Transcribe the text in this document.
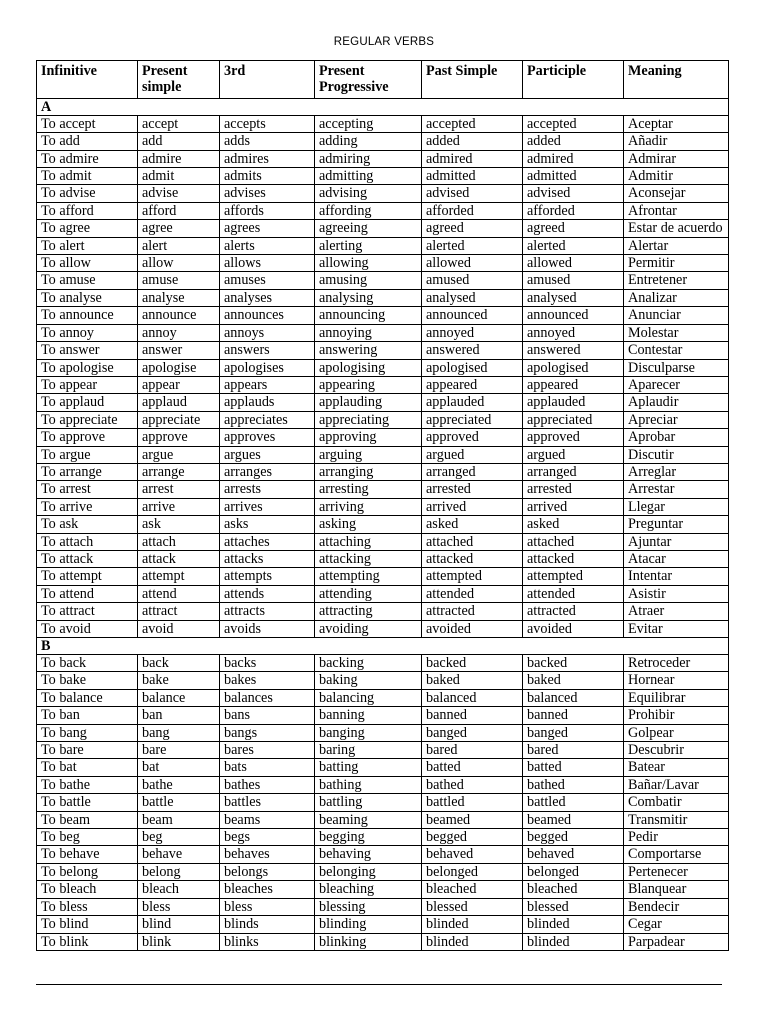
REGULAR VERBS
Infinitive	Present simple	3rd	Present Progressive	Past Simple	Participle	Meaning
A						
To accept	accept	accepts	accepting	accepted	accepted	Aceptar
To add	add	adds	adding	added	added	Añadir
To admire	admire	admires	admiring	admired	admired	Admirar
To admit	admit	admits	admitting	admitted	admitted	Admitir
To advise	advise	advises	advising	advised	advised	Aconsejar
To afford	afford	affords	affording	afforded	afforded	Afrontar
To agree	agree	agrees	agreeing	agreed	agreed	Estar de acuerdo
To alert	alert	alerts	alerting	alerted	alerted	Alertar
To allow	allow	allows	allowing	allowed	allowed	Permitir
To amuse	amuse	amuses	amusing	amused	amused	Entretener
To analyse	analyse	analyses	analysing	analysed	analysed	Analizar
To announce	announce	announces	announcing	announced	announced	Anunciar
To annoy	annoy	annoys	annoying	annoyed	annoyed	Molestar
To answer	answer	answers	answering	answered	answered	Contestar
To apologise	apologise	apologises	apologising	apologised	apologised	Disculparse
To appear	appear	appears	appearing	appeared	appeared	Aparecer
To applaud	applaud	applauds	applauding	applauded	applauded	Aplaudir
To appreciate	appreciate	appreciates	appreciating	appreciated	appreciated	Apreciar
To approve	approve	approves	approving	approved	approved	Aprobar
To argue	argue	argues	arguing	argued	argued	Discutir
To arrange	arrange	arranges	arranging	arranged	arranged	Arreglar
To arrest	arrest	arrests	arresting	arrested	arrested	Arrestar
To arrive	arrive	arrives	arriving	arrived	arrived	Llegar
To ask	ask	asks	asking	asked	asked	Preguntar
To attach	attach	attaches	attaching	attached	attached	Ajuntar
To attack	attack	attacks	attacking	attacked	attacked	Atacar
To attempt	attempt	attempts	attempting	attempted	attempted	Intentar
To attend	attend	attends	attending	attended	attended	Asistir
To attract	attract	attracts	attracting	attracted	attracted	Atraer
To avoid	avoid	avoids	avoiding	avoided	avoided	Evitar
B						
To back	back	backs	backing	backed	backed	Retroceder
To bake	bake	bakes	baking	baked	baked	Hornear
To balance	balance	balances	balancing	balanced	balanced	Equilibrar
To ban	ban	bans	banning	banned	banned	Prohibir
To bang	bang	bangs	banging	banged	banged	Golpear
To bare	bare	bares	baring	bared	bared	Descubrir
To bat	bat	bats	batting	batted	batted	Batear
To bathe	bathe	bathes	bathing	bathed	bathed	Bañar/Lavar
To battle	battle	battles	battling	battled	battled	Combatir
To beam	beam	beams	beaming	beamed	beamed	Transmitir
To beg	beg	begs	begging	begged	begged	Pedir
To behave	behave	behaves	behaving	behaved	behaved	Comportarse
To belong	belong	belongs	belonging	belonged	belonged	Pertenecer
To bleach	bleach	bleaches	bleaching	bleached	bleached	Blanquear
To bless	bless	bless	blessing	blessed	blessed	Bendecir
To blind	blind	blinds	blinding	blinded	blinded	Cegar
To blink	blink	blinks	blinking	blinded	blinded	Parpadear
